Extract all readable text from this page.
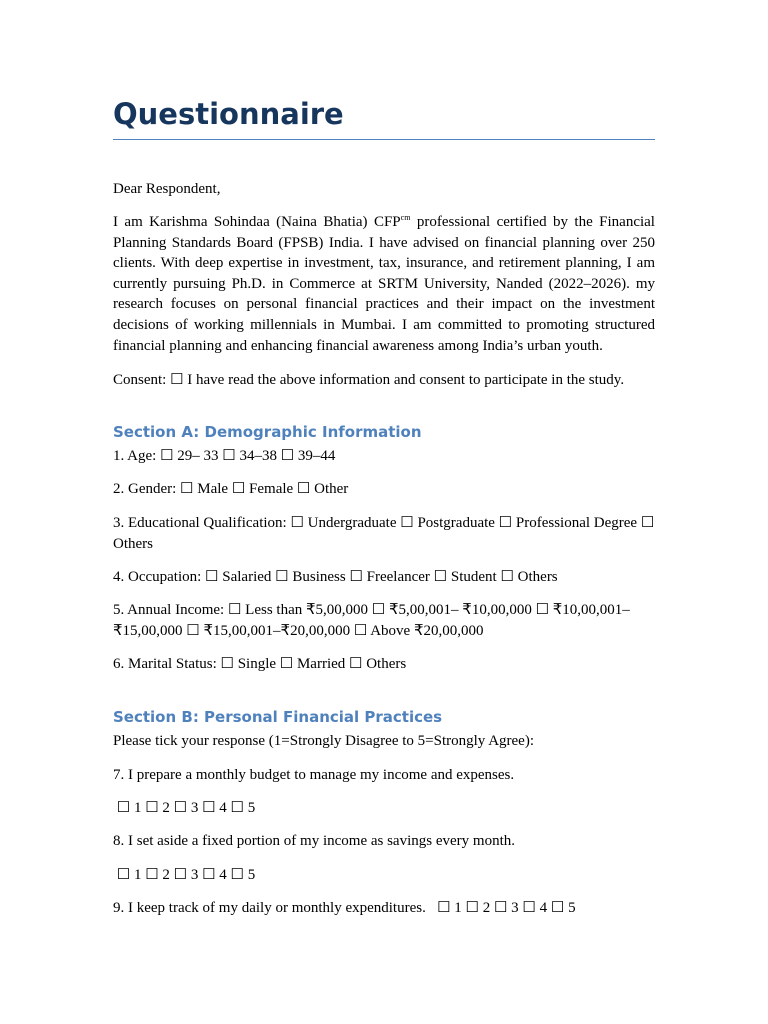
Questionnaire

Dear Respondent,

I am Karishma Sohindaa (Naina Bhatia) $CFP^{cm}$ professional certified by the Financial Planning Standards Board (FPSB) India. I have advised on financial planning over 250 clients. With deep expertise in investment, tax, insurance, and retirement planning, I am currently pursuing Ph.D. in Commerce at SRTM University, Nanded (2022–2026). my research focuses on personal financial practices and their impact on the investment decisions of working millennials in Mumbai. I am committed to promoting structured financial planning and enhancing financial awareness among India’s urban youth.

Consent: ☐ I have read the above information and consent to participate in the study.

Section A: Demographic Information

1. Age: ☐ 29– 33 ☐ 34–38 ☐ 39–44

2. Gender: ☐ Male ☐ Female ☐ Other

3. Educational Qualification: ☐ Undergraduate ☐ Postgraduate ☐ Professional Degree ☐ Others

4. Occupation: ☐ Salaried ☐ Business ☐ Freelancer ☐ Student ☐ Others

5. Annual Income: ☐ Less than ₹5,00,000 ☐ ₹5,00,001– ₹10,00,000 ☐ ₹10,00,001–₹15,00,000 ☐ ₹15,00,001–₹20,00,000 ☐ Above ₹20,00,000

6. Marital Status: ☐ Single ☐ Married ☐ Others

Section B: Personal Financial Practices

Please tick your response (1=Strongly Disagree to 5=Strongly Agree):

7. I prepare a monthly budget to manage my income and expenses.

☐ 1 ☐ 2 ☐ 3 ☐ 4 ☐ 5

8. I set aside a fixed portion of my income as savings every month.

☐ 1 ☐ 2 ☐ 3 ☐ 4 ☐ 5

9. I keep track of my daily or monthly expenditures.   ☐ 1 ☐ 2 ☐ 3 ☐ 4 ☐ 5
